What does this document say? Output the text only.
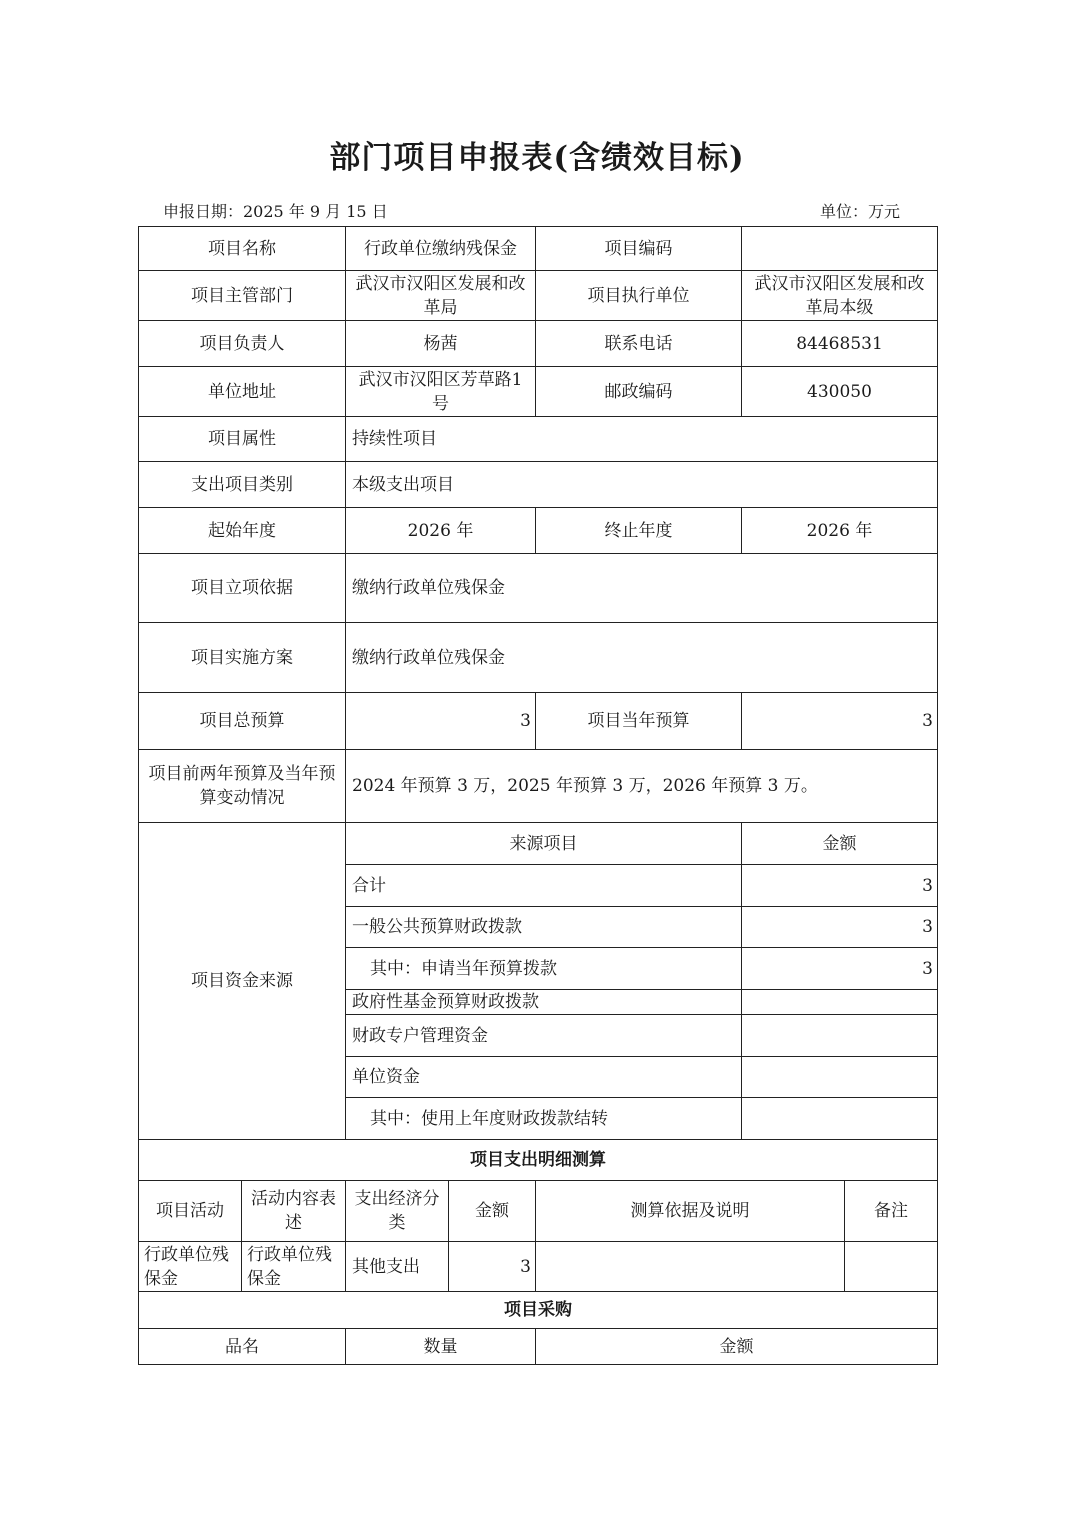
部门项目申报表(含绩效目标)
申报日期：2025 年 9 月 15 日	单位：万元
项目名称	行政单位缴纳残保金	项目编码	
项目主管部门	武汉市汉阳区发展和改革局	项目执行单位	武汉市汉阳区发展和改革局本级
项目负责人	杨茜	联系电话	84468531
单位地址	武汉市汉阳区芳草路1号	邮政编码	430050
项目属性	持续性项目		
支出项目类别	本级支出项目		
起始年度	2026 年	终止年度	2026 年
项目立项依据	缴纳行政单位残保金		
项目实施方案	缴纳行政单位残保金		
项目总预算	3	项目当年预算	3
项目前两年预算及当年预算变动情况	2024 年预算 3 万，2025 年预算 3 万，2026 年预算 3 万。		
项目资金来源	来源项目	金额
	合计	3
	一般公共预算财政拨款	3
	其中：申请当年预算拨款	3
	政府性基金预算财政拨款	
	财政专户管理资金	
	单位资金	
	其中：使用上年度财政拨款结转	
项目支出明细测算					
项目活动	活动内容表述	支出经济分类	金额	测算依据及说明	备注
行政单位残保金	行政单位残保金	其他支出	3		
项目采购					
品名		数量		金额	
